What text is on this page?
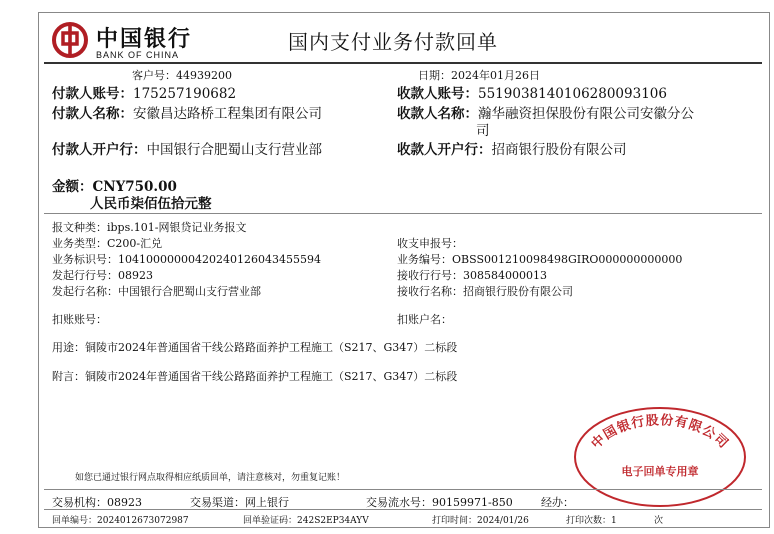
中国银行
BANK OF CHINA
国内支付业务付款回单
客户号：44939200	日期：2024年01月26日
付款人账号：175257190682
付款人名称：安徽昌达路桥工程集团有限公司
付款人开户行：中国银行合肥蜀山支行营业部
收款人账号：5519038140106280093106
收款人名称：瀚华融资担保股份有限公司安徽分公
司
收款人开户行：招商银行股份有限公司
金额：CNY750.00
人民币柒佰伍拾元整
报文种类：ibps.101-网银贷记业务报文
业务类型：C200-汇兑
业务标识号：10410000000420240126043455594
发起行行号：08923
发起行名称：中国银行合肥蜀山支行营业部
扣账账号：
收支申报号：
业务编号：OBSS001210098498GIRO000000000000
接收行行号：308584000013
接收行名称：招商银行股份有限公司
扣账户名：
用途：铜陵市2024年普通国省干线公路路面养护工程施工（S217、G347）二标段
附言：铜陵市2024年普通国省干线公路路面养护工程施工（S217、G347）二标段
如您已通过银行网点取得相应纸质回单，请注意核对，勿重复记账！
中国银行股份有限公司
电子回单专用章
交易机构：08923	交易渠道：网上银行	交易流水号：90159971-850	经办：
回单编号：2024012673072987	回单验证码：242S2EP34AYV	打印时间：2024/01/26	打印次数：1	次
